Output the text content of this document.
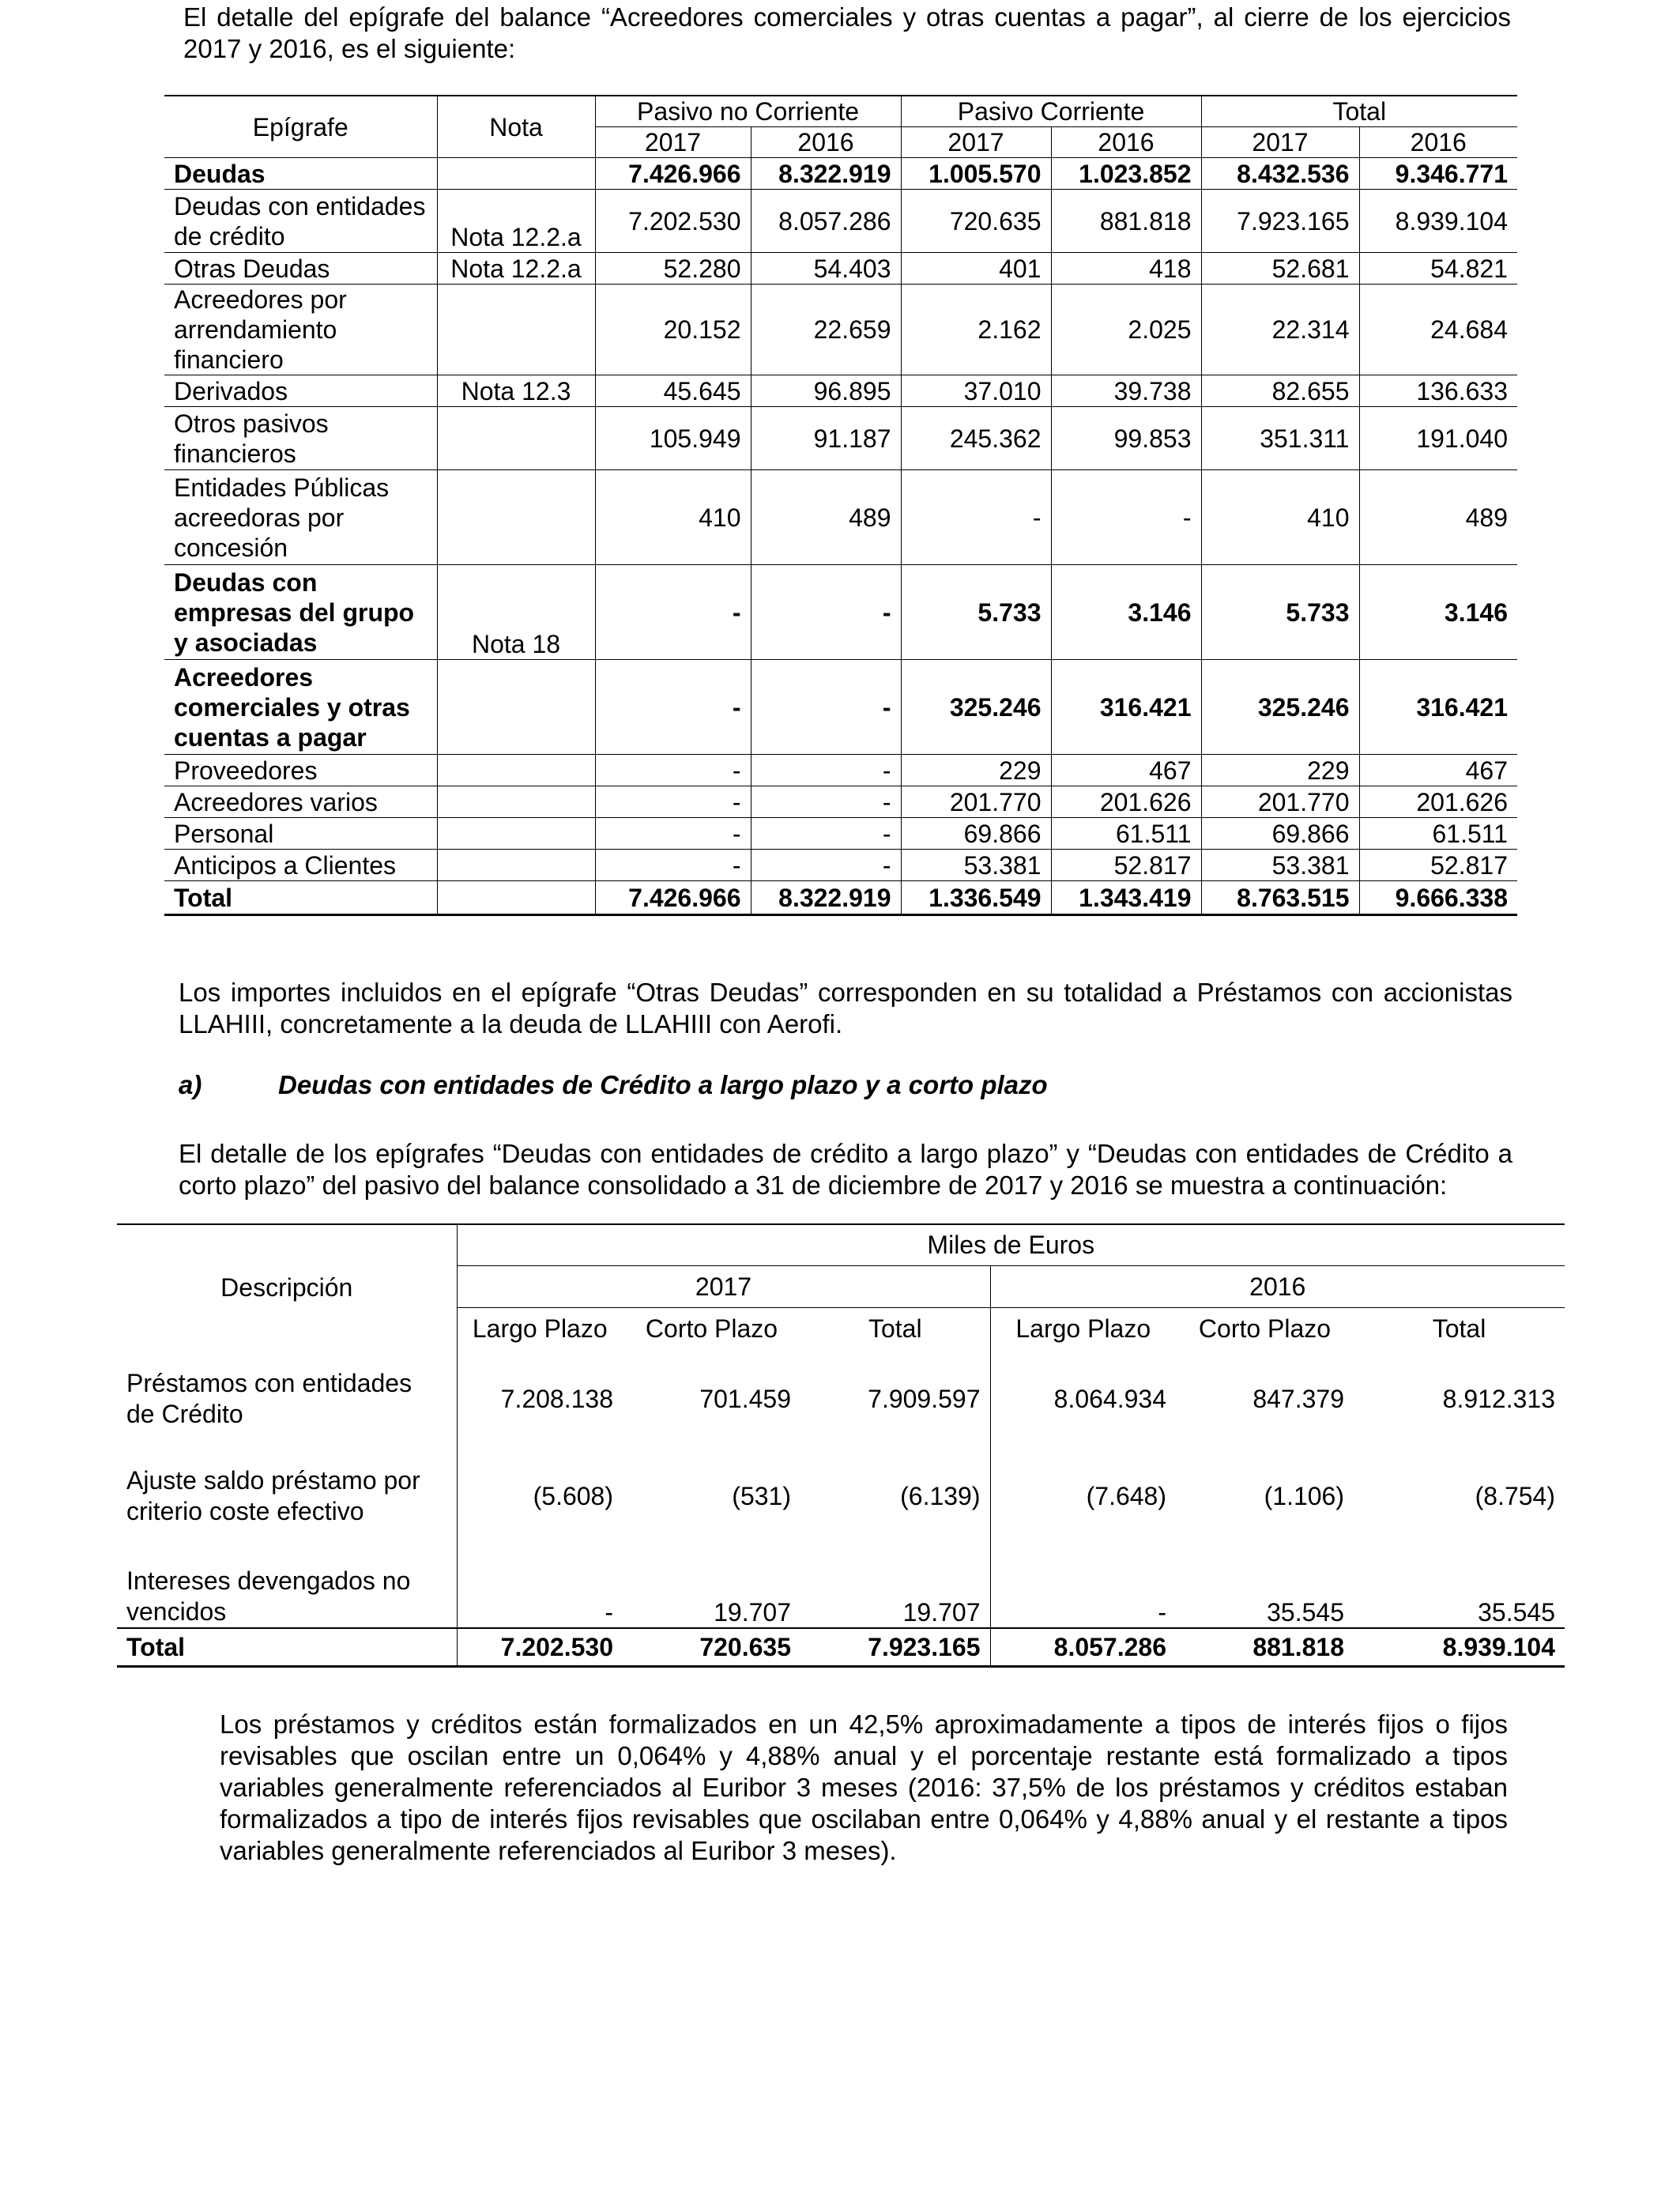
El detalle del epígrafe del balance “Acreedores comerciales y otras cuentas a pagar”, al cierre de los ejercicios 2017 y 2016, es el siguiente:

Epígrafe	Nota	Pasivo no Corriente		Pasivo Corriente		Total	
		2017	2016	2017	2016	2017	2016
Deudas		7.426.966	8.322.919	1.005.570	1.023.852	8.432.536	9.346.771
Deudas con entidades de crédito	Nota 12.2.a	7.202.530	8.057.286	720.635	881.818	7.923.165	8.939.104
Otras Deudas	Nota 12.2.a	52.280	54.403	401	418	52.681	54.821
Acreedores por arrendamiento financiero		20.152	22.659	2.162	2.025	22.314	24.684
Derivados	Nota 12.3	45.645	96.895	37.010	39.738	82.655	136.633
Otros pasivos financieros		105.949	91.187	245.362	99.853	351.311	191.040
Entidades Públicas acreedoras por concesión		410	489	-	-	410	489
Deudas con empresas del grupo y asociadas	Nota 18	-	-	5.733	3.146	5.733	3.146
Acreedores comerciales y otras cuentas a pagar		-	-	325.246	316.421	325.246	316.421
Proveedores		-	-	229	467	229	467
Acreedores varios		-	-	201.770	201.626	201.770	201.626
Personal		-	-	69.866	61.511	69.866	61.511
Anticipos a Clientes		-	-	53.381	52.817	53.381	52.817
Total		7.426.966	8.322.919	1.336.549	1.343.419	8.763.515	9.666.338

Los importes incluidos en el epígrafe “Otras Deudas” corresponden en su totalidad a Préstamos con accionistas LLAHIII, concretamente a la deuda de LLAHIII con Aerofi.

a)	Deudas con entidades de Crédito a largo plazo y a corto plazo

El detalle de los epígrafes “Deudas con entidades de crédito a largo plazo” y “Deudas con entidades de Crédito a corto plazo” del pasivo del balance consolidado a 31 de diciembre de 2017 y 2016 se muestra a continuación:

Descripción	Miles de Euros					
	2017			2016		
	Largo Plazo	Corto Plazo	Total	Largo Plazo	Corto Plazo	Total
Préstamos con entidades de Crédito	7.208.138	701.459	7.909.597	8.064.934	847.379	8.912.313
Ajuste saldo préstamo por criterio coste efectivo	(5.608)	(531)	(6.139)	(7.648)	(1.106)	(8.754)
Intereses devengados no vencidos	-	19.707	19.707	-	35.545	35.545
Total	7.202.530	720.635	7.923.165	8.057.286	881.818	8.939.104

Los préstamos y créditos están formalizados en un 42,5% aproximadamente a tipos de interés fijos o fijos revisables que oscilan entre un 0,064% y 4,88% anual y el porcentaje restante está formalizado a tipos variables generalmente referenciados al Euribor 3 meses (2016: 37,5% de los préstamos y créditos estaban formalizados a tipo de interés fijos revisables que oscilaban entre 0,064% y 4,88% anual y el restante a tipos variables generalmente referenciados al Euribor 3 meses).
